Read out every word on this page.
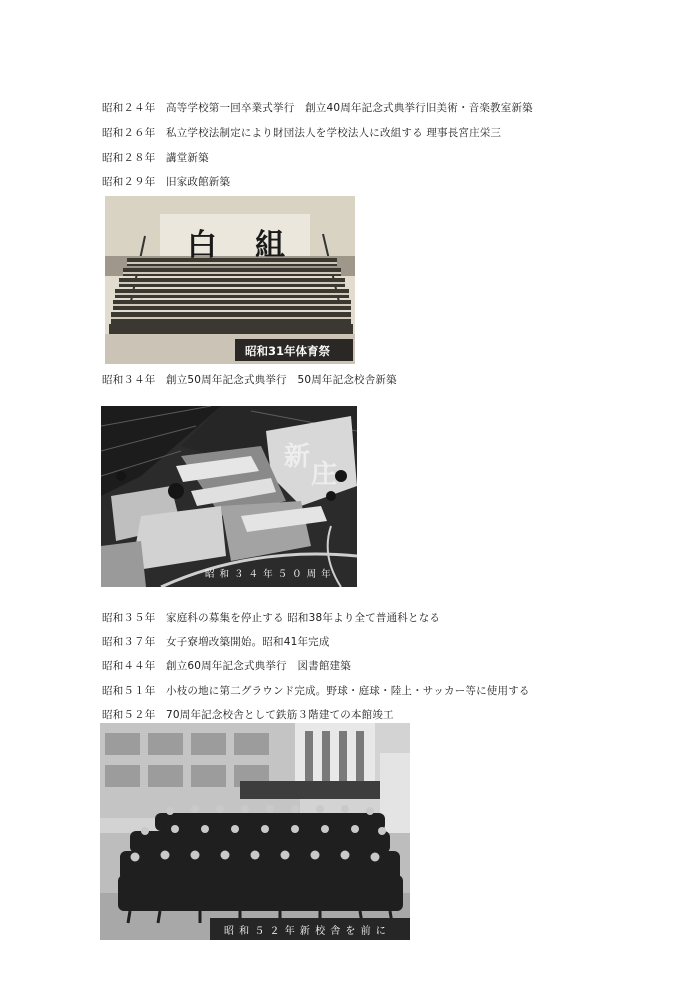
昭和２４年 高等学校第一回卒業式挙行　創立40周年記念式典挙行旧美術・音楽教室新築
昭和２６年 私立学校法制定により財団法人を学校法人に改組する 理事長宮庄栄三
昭和２８年 講堂新築
昭和２９年 旧家政館新築
白 組
昭和31年体育祭
昭和３４年 創立50周年記念式典挙行　50周年記念校舎新築
新
庄
昭 和 ３ ４ 年 ５ ０ 周 年
昭和３５年 家庭科の募集を停止する 昭和38年より全て普通科となる
昭和３７年 女子寮増改築開始。昭和41年完成
昭和４４年 創立60周年記念式典挙行　図書館建築
昭和５１年 小枝の地に第二グラウンド完成。野球・庭球・陸上・サッカー等に使用する
昭和５２年 70周年記念校舎として鉄筋３階建ての本館竣工
昭 和 ５ ２ 年 新 校 舎 を 前 に
